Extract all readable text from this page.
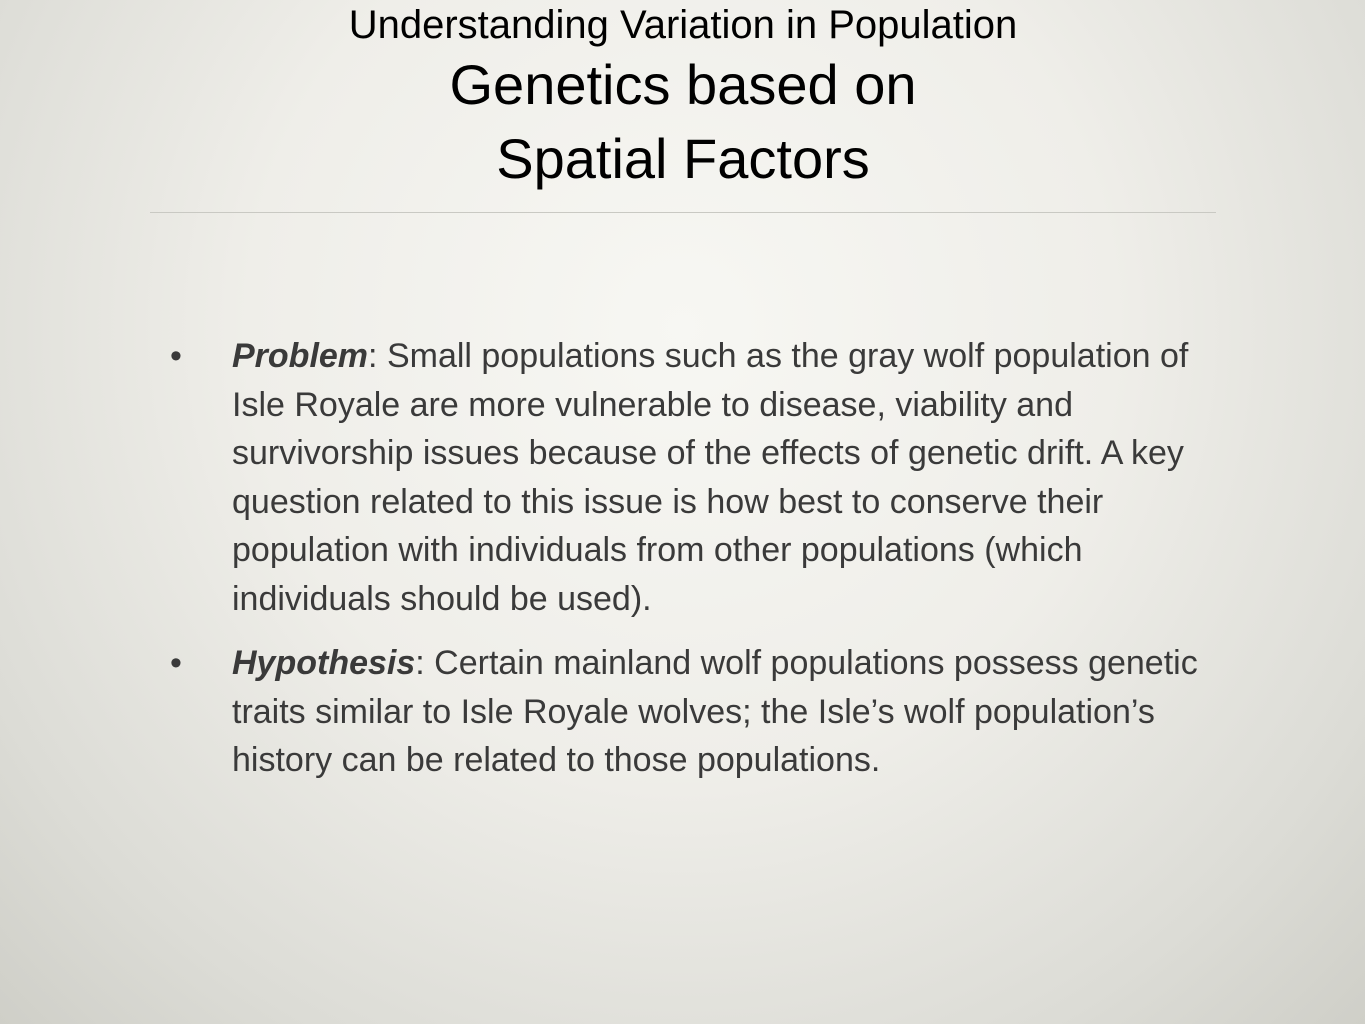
Understanding Variation in Population
Genetics based on
Spatial Factors

•	Problem: Small populations such as the gray wolf population of Isle Royale are more vulnerable to disease, viability and survivorship issues because of the effects of genetic drift. A key question related to this issue is how best to conserve their population with individuals from other populations (which individuals should be used).

•	Hypothesis: Certain mainland wolf populations possess genetic traits similar to Isle Royale wolves; the Isle’s wolf population’s history can be related to those populations.
